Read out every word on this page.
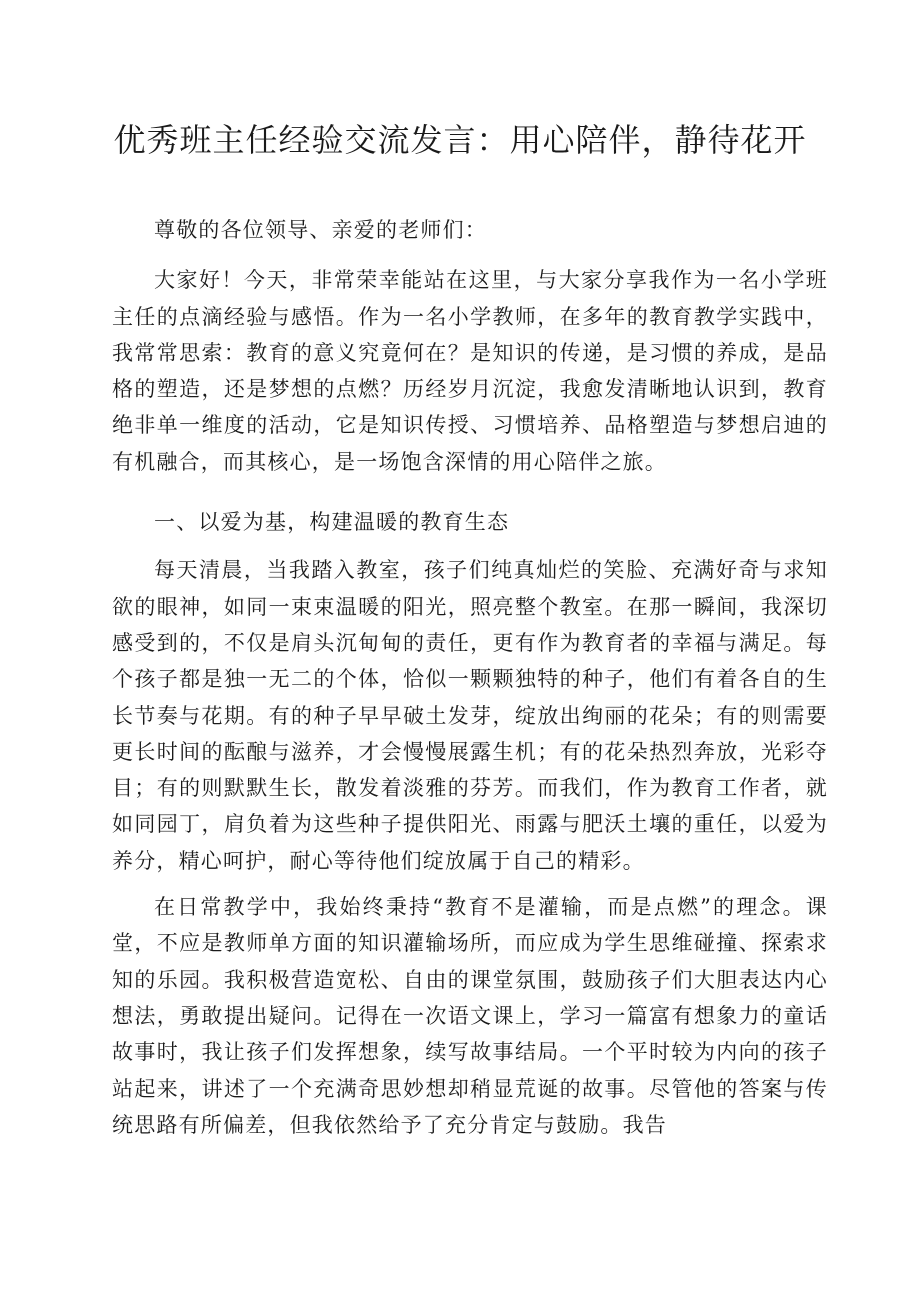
优秀班主任经验交流发言：用心陪伴，静待花开

尊敬的各位领导、亲爱的老师们：

大家好！今天，非常荣幸能站在这里，与大家分享我作为一名小学班主任的点滴经验与感悟。作为一名小学教师，在多年的教育教学实践中，我常常思索：教育的意义究竟何在？是知识的传递，是习惯的养成，是品格的塑造，还是梦想的点燃？历经岁月沉淀，我愈发清晰地认识到，教育绝非单一维度的活动，它是知识传授、习惯培养、品格塑造与梦想启迪的有机融合，而其核心，是一场饱含深情的用心陪伴之旅。

一、以爱为基，构建温暖的教育生态

每天清晨，当我踏入教室，孩子们纯真灿烂的笑脸、充满好奇与求知欲的眼神，如同一束束温暖的阳光，照亮整个教室。在那一瞬间，我深切感受到的，不仅是肩头沉甸甸的责任，更有作为教育者的幸福与满足。每个孩子都是独一无二的个体，恰似一颗颗独特的种子，他们有着各自的生长节奏与花期。有的种子早早破土发芽，绽放出绚丽的花朵；有的则需要更长时间的酝酿与滋养，才会慢慢展露生机；有的花朵热烈奔放，光彩夺目；有的则默默生长，散发着淡雅的芬芳。而我们，作为教育工作者，就如同园丁，肩负着为这些种子提供阳光、雨露与肥沃土壤的重任，以爱为养分，精心呵护，耐心等待他们绽放属于自己的精彩。

在日常教学中，我始终秉持“教育不是灌输，而是点燃”的理念。课堂，不应是教师单方面的知识灌输场所，而应成为学生思维碰撞、探索求知的乐园。我积极营造宽松、自由的课堂氛围，鼓励孩子们大胆表达内心想法，勇敢提出疑问。记得在一次语文课上，学习一篇富有想象力的童话故事时，我让孩子们发挥想象，续写故事结局。一个平时较为内向的孩子站起来，讲述了一个充满奇思妙想却稍显荒诞的故事。尽管他的答案与传统思路有所偏差，但我依然给予了充分肯定与鼓励。我告
